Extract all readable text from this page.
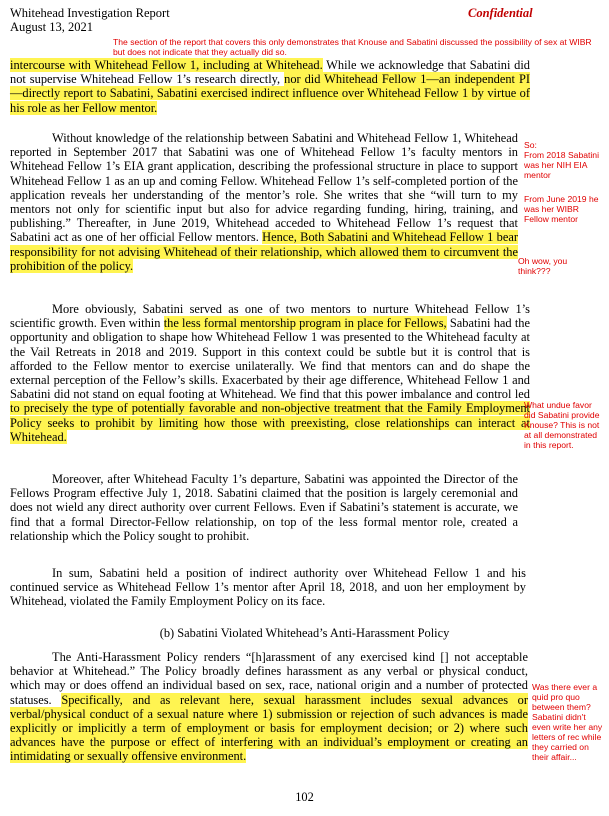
Whitehead Investigation Report
August 13, 2021
Confidential
The section of the report that covers this only demonstrates that Knouse and Sabatini discussed the possibility of sex at WIBR but does not indicate that they actually did so.

intercourse with Whitehead Fellow 1, including at Whitehead. While we acknowledge that Sabatini did not supervise Whitehead Fellow 1’s research directly, nor did Whitehead Fellow 1—an independent PI—directly report to Sabatini, Sabatini exercised indirect influence over Whitehead Fellow 1 by virtue of his role as her Fellow mentor.

Without knowledge of the relationship between Sabatini and Whitehead Fellow 1, Whitehead reported in September 2017 that Sabatini was one of Whitehead Fellow 1’s faculty mentors in Whitehead Fellow 1’s EIA grant application, describing the professional structure in place to support Whitehead Fellow 1 as an up and coming Fellow. Whitehead Fellow 1’s self-completed portion of the application reveals her understanding of the mentor’s role. She writes that she “will turn to my mentors not only for scientific input but also for advice regarding funding, hiring, training, and publishing.” Thereafter, in June 2019, Whitehead acceded to Whitehead Fellow 1’s request that Sabatini act as one of her official Fellow mentors. Hence, Both Sabatini and Whitehead Fellow 1 bear responsibility for not advising Whitehead of their relationship, which allowed them to circumvent the prohibition of the policy.

So:
From 2018 Sabatini was her NIH EIA mentor
From June 2019 he was her WIBR Fellow mentor
Oh wow, you think???

More obviously, Sabatini served as one of two mentors to nurture Whitehead Fellow 1’s scientific growth. Even within the less formal mentorship program in place for Fellows, Sabatini had the opportunity and obligation to shape how Whitehead Fellow 1 was presented to the Whitehead faculty at the Vail Retreats in 2018 and 2019. Support in this context could be subtle but it is control that is afforded to the Fellow mentor to exercise unilaterally. We find that mentors can and do shape the external perception of the Fellow’s skills. Exacerbated by their age difference, Whitehead Fellow 1 and Sabatini did not stand on equal footing at Whitehead. We find that this power imbalance and control led to precisely the type of potentially favorable and non-objective treatment that the Family Employment Policy seeks to prohibit by limiting how those with preexisting, close relationships can interact at Whitehead.

What undue favor did Sabatini provide Knouse? This is not at all demonstrated in this report.

Moreover, after Whitehead Faculty 1’s departure, Sabatini was appointed the Director of the Fellows Program effective July 1, 2018. Sabatini claimed that the position is largely ceremonial and does not wield any direct authority over current Fellows. Even if Sabatini’s statement is accurate, we find that a formal Director-Fellow relationship, on top of the less formal mentor role, created a relationship which the Policy sought to prohibit.

In sum, Sabatini held a position of indirect authority over Whitehead Fellow 1 and his continued service as Whitehead Fellow 1’s mentor after April 18, 2018, and uon her employment by Whitehead, violated the Family Employment Policy on its face.

(b) Sabatini Violated Whitehead’s Anti-Harassment Policy

The Anti-Harassment Policy renders “[h]arassment of any exercised kind [] not acceptable behavior at Whitehead.” The Policy broadly defines harassment as any verbal or physical conduct, which may or does offend an individual based on sex, race, national origin and a number of protected statuses. Specifically, and as relevant here, sexual harassment includes sexual advances or verbal/physical conduct of a sexual nature where 1) submission or rejection of such advances is made explicitly or implicitly a term of employment or basis for employment decision; or 2) where such advances have the purpose or effect of interfering with an individual’s employment or creating an intimidating or sexually offensive environment.

Was there ever a quid pro quo between them? Sabatini didn't even write her any letters of rec while they carried on their affair...
102
